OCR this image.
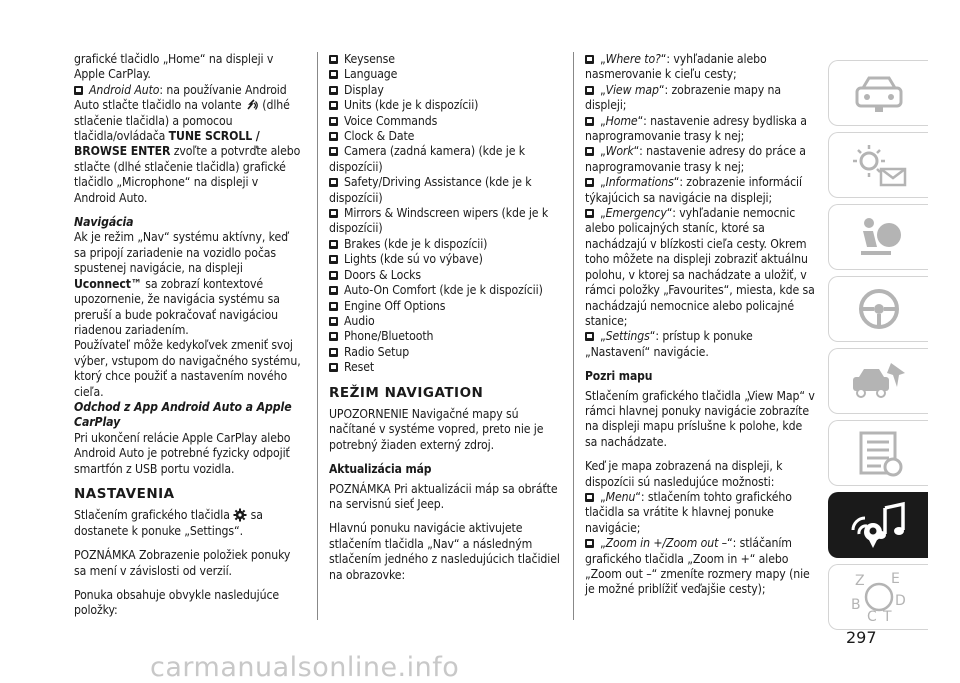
grafické tlačidlo „Home“ na displeji v Apple CarPlay.

Android Auto: na používanie Android Auto stlačte tlačidlo na volante (dlhé stlačenie tlačidla) a pomocou tlačidla/ovládača TUNE SCROLL / BROWSE ENTER zvoľte a potvrďte alebo stlačte (dlhé stlačenie tlačidla) grafické tlačidlo „Microphone“ na displeji v Android Auto.

Navigácia

Ak je režim „Nav“ systému aktívny, keď sa pripojí zariadenie na vozidlo počas spustenej navigácie, na displeji Uconnect™ sa zobrazí kontextové upozornenie, že navigácia systému sa preruší a bude pokračovať navigáciou riadenou zariadením.

Používateľ môže kedykoľvek zmeniť svoj výber, vstupom do navigačného systému, ktorý chce použiť a nastavením nového cieľa.

Odchod z App Android Auto a Apple CarPlay

Pri ukončení relácie Apple CarPlay alebo Android Auto je potrebné fyzicky odpojiť smartfón z USB portu vozidla.

NASTAVENIA

Stlačením grafického tlačidla sa dostanete k ponuke „Settings“.

POZNÁMKA Zobrazenie položiek ponuky sa mení v závislosti od verzií.

Ponuka obsahuje obvykle nasledujúce položky:

Keysense
Language
Display
Units (kde je k dispozícii)
Voice Commands
Clock & Date
Camera (zadná kamera) (kde je k dispozícii)
Safety/Driving Assistance (kde je k dispozícii)
Mirrors & Windscreen wipers (kde je k dispozícii)
Brakes (kde je k dispozícii)
Lights (kde sú vo výbave)
Doors & Locks
Auto-On Comfort (kde je k dispozícii)
Engine Off Options
Audio
Phone/Bluetooth
Radio Setup
Reset
REŽIM NAVIGATION

UPOZORNENIE Navigačné mapy sú načítané v systéme vopred, preto nie je potrebný žiaden externý zdroj.

Aktualizácia máp

POZNÁMKA Pri aktualizácii máp sa obráťte na servisnú sieť Jeep.

Hlavnú ponuku navigácie aktivujete stlačením tlačidla „Nav“ a následným stlačením jedného z nasledujúcich tlačidiel na obrazovke:

„Where to?“: vyhľadanie alebo nasmerovanie k cieľu cesty;
„View map“: zobrazenie mapy na displeji;
„Home“: nastavenie adresy bydliska a naprogramovanie trasy k nej;
„Work“: nastavenie adresy do práce a naprogramovanie trasy k nej;
„Informations“: zobrazenie informácií týkajúcich sa navigácie na displeji;
„Emergency“: vyhľadanie nemocnic alebo policajných staníc, ktoré sa nachádzajú v blízkosti cieľa cesty. Okrem toho môžete na displeji zobraziť aktuálnu polohu, v ktorej sa nachádzate a uložiť, v rámci položky „Favourites“, miesta, kde sa nachádzajú nemocnice alebo policajné stanice;
„Settings“: prístup k ponuke „Nastavení“ navigácie.

Pozri mapu

Stlačením grafického tlačidla „View Map“ v rámci hlavnej ponuky navigácie zobrazíte na displeji mapu príslušne k polohe, kde sa nachádzate.

Keď je mapa zobrazená na displeji, k dispozícii sú nasledujúce možnosti:

„Menu“: stlačením tohto grafického tlačidla sa vrátite k hlavnej ponuke navigácie;
„Zoom in +/Zoom out –“: stláčaním grafického tlačidla „Zoom in +“ alebo „Zoom out –“ zmeníte rozmery mapy (nie je možné priblížiť veďajšie cesty);
Z E
B
C T
D
297
carmanualsonline.info
